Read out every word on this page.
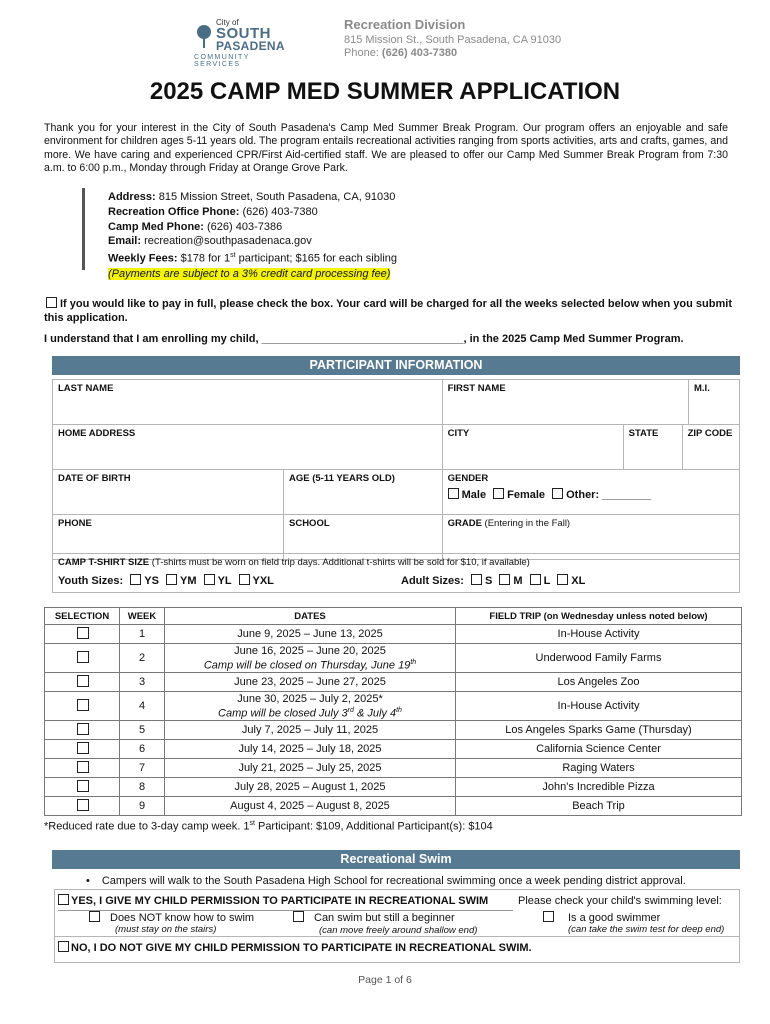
City of
SOUTH
PASADENA
COMMUNITY SERVICES
Recreation Division
815 Mission St., South Pasadena, CA 91030
Phone: (626) 403-7380
2025 CAMP MED SUMMER APPLICATION
Thank you for your interest in the City of South Pasadena's Camp Med Summer Break Program. Our program offers an enjoyable and safe environment for children ages 5-11 years old. The program entails recreational activities ranging from sports activities, arts and crafts, games, and more. We have caring and experienced CPR/First Aid-certified staff. We are pleased to offer our Camp Med Summer Break Program from 7:30 a.m. to 6:00 p.m., Monday through Friday at Orange Grove Park.
Address: 815 Mission Street, South Pasadena, CA, 91030
Recreation Office Phone: (626) 403-7380
Camp Med Phone: (626) 403-7386
Email: recreation@southpasadenaca.gov
Weekly Fees: $178 for 1st participant; $165 for each sibling
(Payments are subject to a 3% credit card processing fee)
If you would like to pay in full, please check the box. Your card will be charged for all the weeks selected below when you submit this application.
I understand that I am enrolling my child, _________________________________, in the 2025 Camp Med Summer Program.
PARTICIPANT INFORMATION
LAST NAME		FIRST NAME			M.I.

HOME ADDRESS		CITY	STATE	ZIP CODE	

DATE OF BIRTH	AGE (5-11 YEARS OLD)	GENDER
Male Female Other: ________			

PHONE	SCHOOL	GRADE (Entering in the Fall)			
CAMP T-SHIRT SIZE (T-shirts must be worn on field trip days. Additional t-shirts will be sold for $10, if available)
Youth Sizes: YS YM YL YXL	Adult Sizes: S M L XL
SELECTION	WEEK	DATES	FIELD TRIP (on Wednesday unless noted below)
	1	June 9, 2025 – June 13, 2025	In-House Activity
	2	June 16, 2025 – June 20, 2025
Camp will be closed on Thursday, June 19th	Underwood Family Farms
	3	June 23, 2025 – June 27, 2025	Los Angeles Zoo
	4	June 30, 2025 – July 2, 2025*
Camp will be closed July 3rd & July 4th	In-House Activity
	5	July 7, 2025 – July 11, 2025	Los Angeles Sparks Game (Thursday)
	6	July 14, 2025 – July 18, 2025	California Science Center
	7	July 21, 2025 – July 25, 2025	Raging Waters
	8	July 28, 2025 – August 1, 2025	John's Incredible Pizza
	9	August 4, 2025 – August 8, 2025	Beach Trip
*Reduced rate due to 3-day camp week. 1st Participant: $109, Additional Participant(s): $104
Recreational Swim
• Campers will walk to the South Pasadena High School for recreational swimming once a week pending district approval.
YES, I GIVE MY CHILD PERMISSION TO PARTICIPATE IN RECREATIONAL SWIM	Please check your child's swimming level:
Does NOT know how to swim
(must stay on the stairs)
Can swim but still a beginner
(can move freely around shallow end)
Is a good swimmer
(can take the swim test for deep end)
NO, I DO NOT GIVE MY CHILD PERMISSION TO PARTICIPATE IN RECREATIONAL SWIM.
Page 1 of 6
